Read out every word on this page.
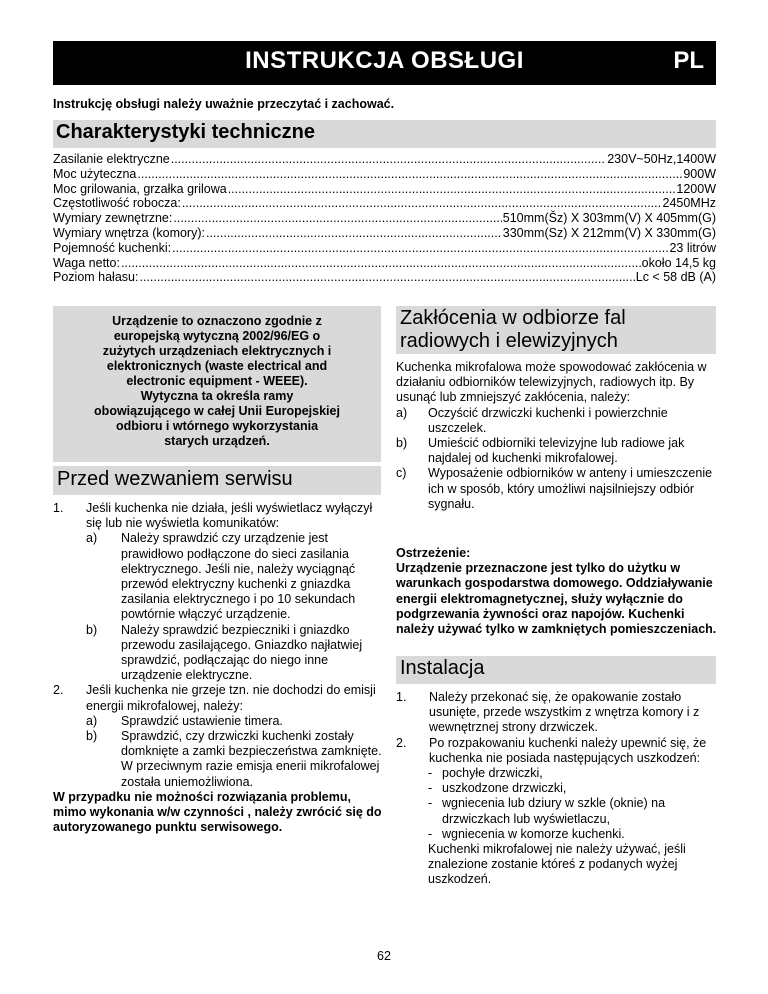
INSTRUKCJA OBSŁUGI	PL
Instrukcję obsługi należy uważnie przeczytać i zachować.
Charakterystyki techniczne
Zasilanie elektryczne .....	230V~50Hz,1400W
Moc użyteczna .....	900W
Moc grilowania, grzałka grilowa .....	1200W
Częstotliwość robocza: .....	2450MHz
Wymiary zewnętrzne: .....	510mm(Šz) X 303mm(V) X 405mm(G)
Wymiary wnętrza (komory): .....	330mm(Sz) X 212mm(V) X 330mm(G)
Pojemność kuchenki: .....	23 litrów
Waga netto: .....	około 14,5 kg
Poziom hałasu: .....	Lc < 58 dB (A)
Urządzenie to oznaczono zgodnie z
europejską wytyczną 2002/96/EG o
zużytych urządzeniach elektrycznych i
elektronicznych (waste electrical and
electronic equipment - WEEE).
Wytyczna ta określa ramy
obowiązującego w całej Unii Europejskiej
odbioru i wtórnego wykorzystania
starych urządzeń.
Przed wezwaniem serwisu
1.	Jeśli kuchenka nie działa, jeśli wyświetlacz wyłączył się lub nie wyświetla komunikatów:
a)	Należy sprawdzić czy urządzenie jest prawidłowo podłączone do sieci zasilania elektrycznego. Jeśli nie, należy wyciągnąć przewód elektryczny kuchenki z gniazdka zasilania elektrycznego i po 10 sekundach powtórnie włączyć urządzenie.
b)	Należy sprawdzić bezpieczniki i gniazdko przewodu zasilającego. Gniazdko najłatwiej sprawdzić, podłączając do niego inne urządzenie elektryczne.
2.	Jeśli kuchenka nie grzeje tzn. nie dochodzi do emisji energii mikrofalowej, należy:
a)	Sprawdzić ustawienie timera.
b)	Sprawdzić, czy drzwiczki kuchenki zostały domknięte a zamki bezpieczeństwa zamknięte. W przeciwnym razie emisja enerii mikrofalowej została uniemożliwiona.
W przypadku nie możności rozwiązania problemu, mimo wykonania w/w czynności , należy zwrócić się do autoryzowanego punktu serwisowego.
Zakłócenia w odbiorze fal radiowych i elewizyjnych
Kuchenka mikrofalowa może spowodować zakłócenia w działaniu odbiorników telewizyjnych, radiowych itp. By usunąć lub zmniejszyć zakłócenia, należy:
a)	Oczyścić drzwiczki kuchenki i powierzchnie uszczelek.
b)	Umieścić odbiorniki televizyjne lub radiowe jak najdalej od kuchenki mikrofalowej.
c)	Wyposażenie odbiorników w anteny i umieszczenie ich w sposób, który umożliwi najsilniejszy odbiór sygnału.
Ostrzeżenie:
Urządzenie przeznaczone jest tylko do użytku w warunkach gospodarstwa domowego. Oddziaływanie energii elektromagnetycznej, służy wyłącznie do podgrzewania żywności oraz napojów. Kuchenki należy używać tylko w zamkniętych pomieszczeniach.
Instalacja
1.	Należy przekonać się, że opakowanie zostało usunięte, przede wszystkim z wnętrza komory i z wewnętrznej strony drzwiczek.
2.	Po rozpakowaniu kuchenki należy upewnić się, że kuchenka nie posiada następujących uszkodzeń:
- pochyłe drzwiczki,
- uszkodzone drzwiczki,
- wgniecenia lub dziury w szkle (oknie) na drzwiczkach lub wyświetlaczu,
- wgniecenia w komorze kuchenki.
Kuchenki mikrofalowej nie należy używać, jeśli znalezione zostanie któreś z podanych wyżej uszkodzeń.
62
